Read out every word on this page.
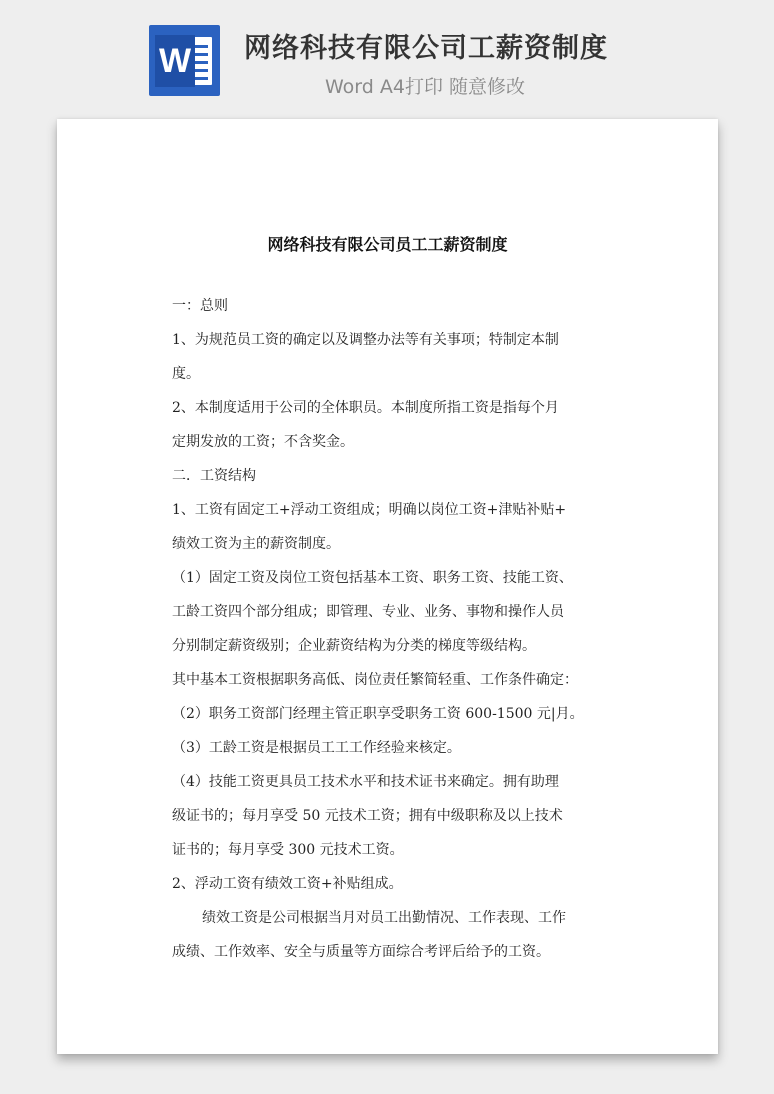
W 网络科技有限公司工薪资制度
Word A4打印 随意修改
网络科技有限公司员工工薪资制度

一：总则

1、为规范员工资的确定以及调整办法等有关事项；特制定本制

度。

2、本制度适用于公司的全体职员。本制度所指工资是指每个月

定期发放的工资；不含奖金。

二．工资结构

1、工资有固定工+浮动工资组成；明确以岗位工资+津贴补贴+

绩效工资为主的薪资制度。

（1）固定工资及岗位工资包括基本工资、职务工资、技能工资、

工龄工资四个部分组成；即管理、专业、业务、事物和操作人员

分别制定薪资级别；企业薪资结构为分类的梯度等级结构。

其中基本工资根据职务高低、岗位责任繁简轻重、工作条件确定：

（2）职务工资部门经理主管正职享受职务工资 600-1500 元|月。

（3）工龄工资是根据员工工工作经验来核定。

（4）技能工资更具员工技术水平和技术证书来确定。拥有助理

级证书的；每月享受 50 元技术工资；拥有中级职称及以上技术

证书的；每月享受 300 元技术工资。

2、浮动工资有绩效工资+补贴组成。

绩效工资是公司根据当月对员工出勤情况、工作表现、工作

成绩、工作效率、安全与质量等方面综合考评后给予的工资。
